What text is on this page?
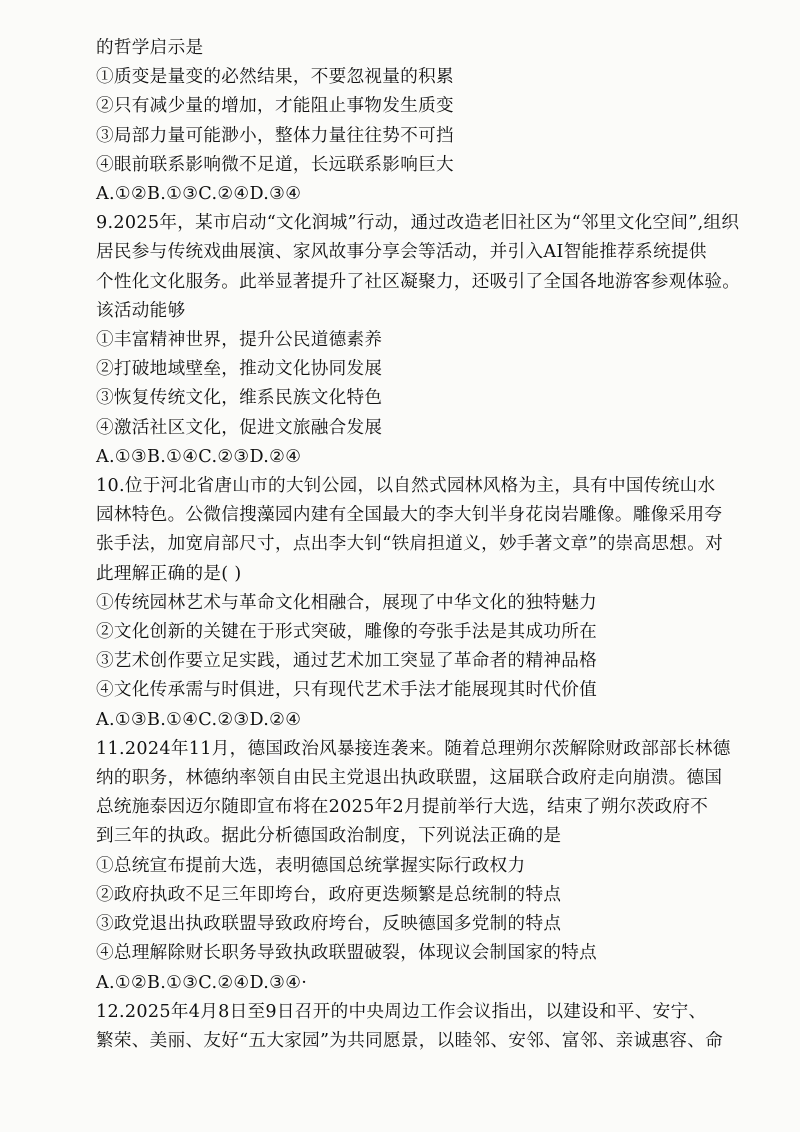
的哲学启示是
①质变是量变的必然结果，不要忽视量的积累
②只有减少量的增加，才能阻止事物发生质变
③局部力量可能渺小，整体力量往往势不可挡
④眼前联系影响微不足道，长远联系影响巨大
A.①②B.①③C.②④D.③④
9.2025年，某市启动“文化润城”行动，通过改造老旧社区为“邻里文化空间”,组织
居民参与传统戏曲展演、家风故事分享会等活动，并引入AI智能推荐系统提供
个性化文化服务。此举显著提升了社区凝聚力，还吸引了全国各地游客参观体验。
该活动能够
①丰富精神世界，提升公民道德素养
②打破地域壁垒，推动文化协同发展
③恢复传统文化，维系民族文化特色
④激活社区文化，促进文旅融合发展
A.①③B.①④C.②③D.②④
10.位于河北省唐山市的大钊公园，以自然式园林风格为主，具有中国传统山水
园林特色。公微信搜藻园内建有全国最大的李大钊半身花岗岩雕像。雕像采用夸
张手法，加宽肩部尺寸，点出李大钊“铁肩担道义，妙手著文章”的崇高思想。对
此理解正确的是( )
①传统园林艺术与革命文化相融合，展现了中华文化的独特魅力
②文化创新的关键在于形式突破，雕像的夸张手法是其成功所在
③艺术创作要立足实践，通过艺术加工突显了革命者的精神品格
④文化传承需与时俱进，只有现代艺术手法才能展现其时代价值
A.①③B.①④C.②③D.②④
11.2024年11月，德国政治风暴接连袭来。随着总理朔尔茨解除财政部部长林德
纳的职务，林德纳率领自由民主党退出执政联盟，这届联合政府走向崩溃。德国
总统施泰因迈尔随即宣布将在2025年2月提前举行大选，结束了朔尔茨政府不
到三年的执政。据此分析德国政治制度，下列说法正确的是
①总统宣布提前大选，表明德国总统掌握实际行政权力
②政府执政不足三年即垮台，政府更迭频繁是总统制的特点
③政党退出执政联盟导致政府垮台，反映德国多党制的特点
④总理解除财长职务导致执政联盟破裂，体现议会制国家的特点
A.①②B.①③C.②④D.③④·
12.2025年4月8日至9日召开的中央周边工作会议指出，以建设和平、安宁、
繁荣、美丽、友好“五大家园”为共同愿景，以睦邻、安邻、富邻、亲诚惠容、命
